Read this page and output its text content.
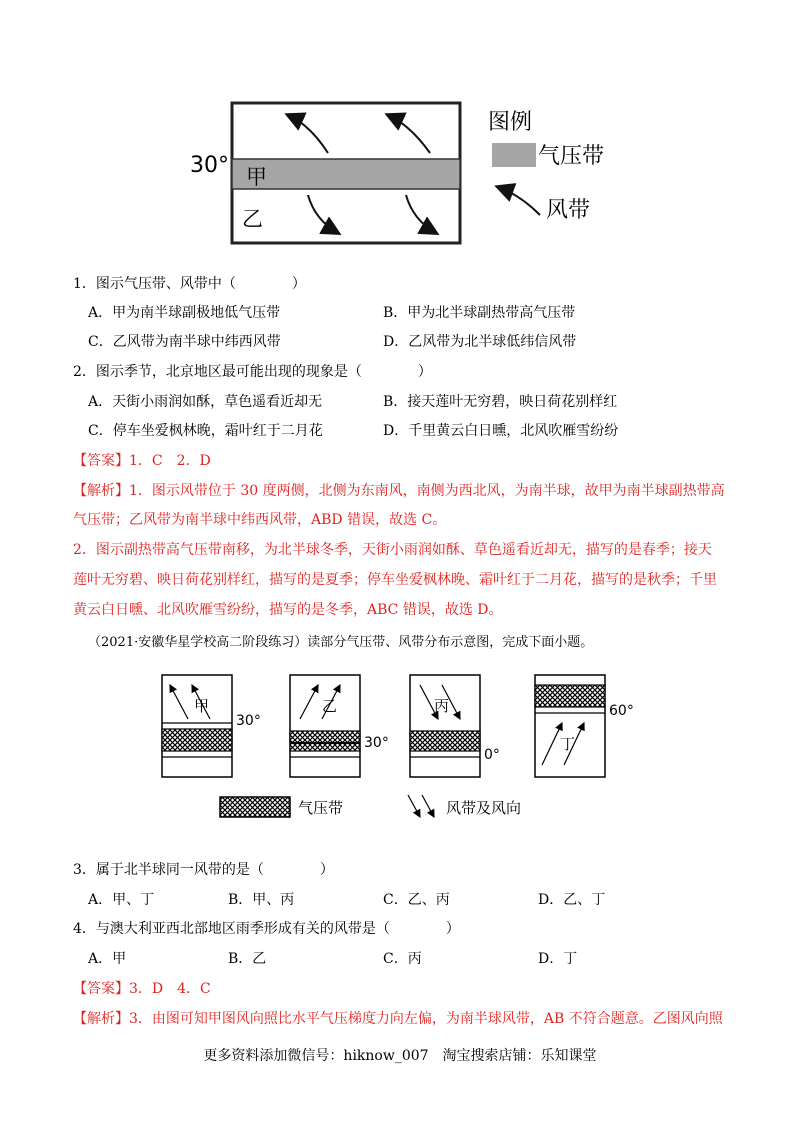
30° 甲
乙
图例
气压带
风带
1．图示气压带、风带中（　　　　）
A．甲为南半球副极地低气压带	B．甲为北半球副热带高气压带
C．乙风带为南半球中纬西风带	D．乙风带为北半球低纬信风带
2．图示季节，北京地区最可能出现的现象是（　　　　）
A．天街小雨润如酥，草色遥看近却无	B．接天莲叶无穷碧，映日荷花别样红
C．停车坐爱枫林晚，霜叶红于二月花	D．千里黄云白日曛，北风吹雁雪纷纷
【答案】1．C　2．D
【解析】1．图示风带位于 30 度两侧，北侧为东南风，南侧为西北风，为南半球，故甲为南半球副热带高
气压带；乙风带为南半球中纬西风带，ABD 错误，故选 C。
2．图示副热带高气压带南移，为北半球冬季，天街小雨润如酥、草色遥看近却无，描写的是春季；接天
莲叶无穷碧、映日荷花别样红，描写的是夏季；停车坐爱枫林晚、霜叶红于二月花，描写的是秋季；千里
黄云白日曛、北风吹雁雪纷纷，描写的是冬季，ABC 错误，故选 D。
（2021·安徽华星学校高二阶段练习）读部分气压带、风带分布示意图，完成下面小题。
甲
30°
乙
30°
丙
0°
丁
60°
气压带	风带及风向
3．属于北半球同一风带的是（　　　　）
A．甲、丁	B．甲、丙	C．乙、丙	D．乙、丁
4．与澳大利亚西北部地区雨季形成有关的风带是（　　　　）
A．甲	B．乙	C．丙	D．丁
【答案】3．D　4．C
【解析】3．由图可知甲图风向照比水平气压梯度力向左偏，为南半球风带，AB 不符合题意。乙图风向照
更多资料添加微信号：hiknow_007　淘宝搜索店铺：乐知课堂
